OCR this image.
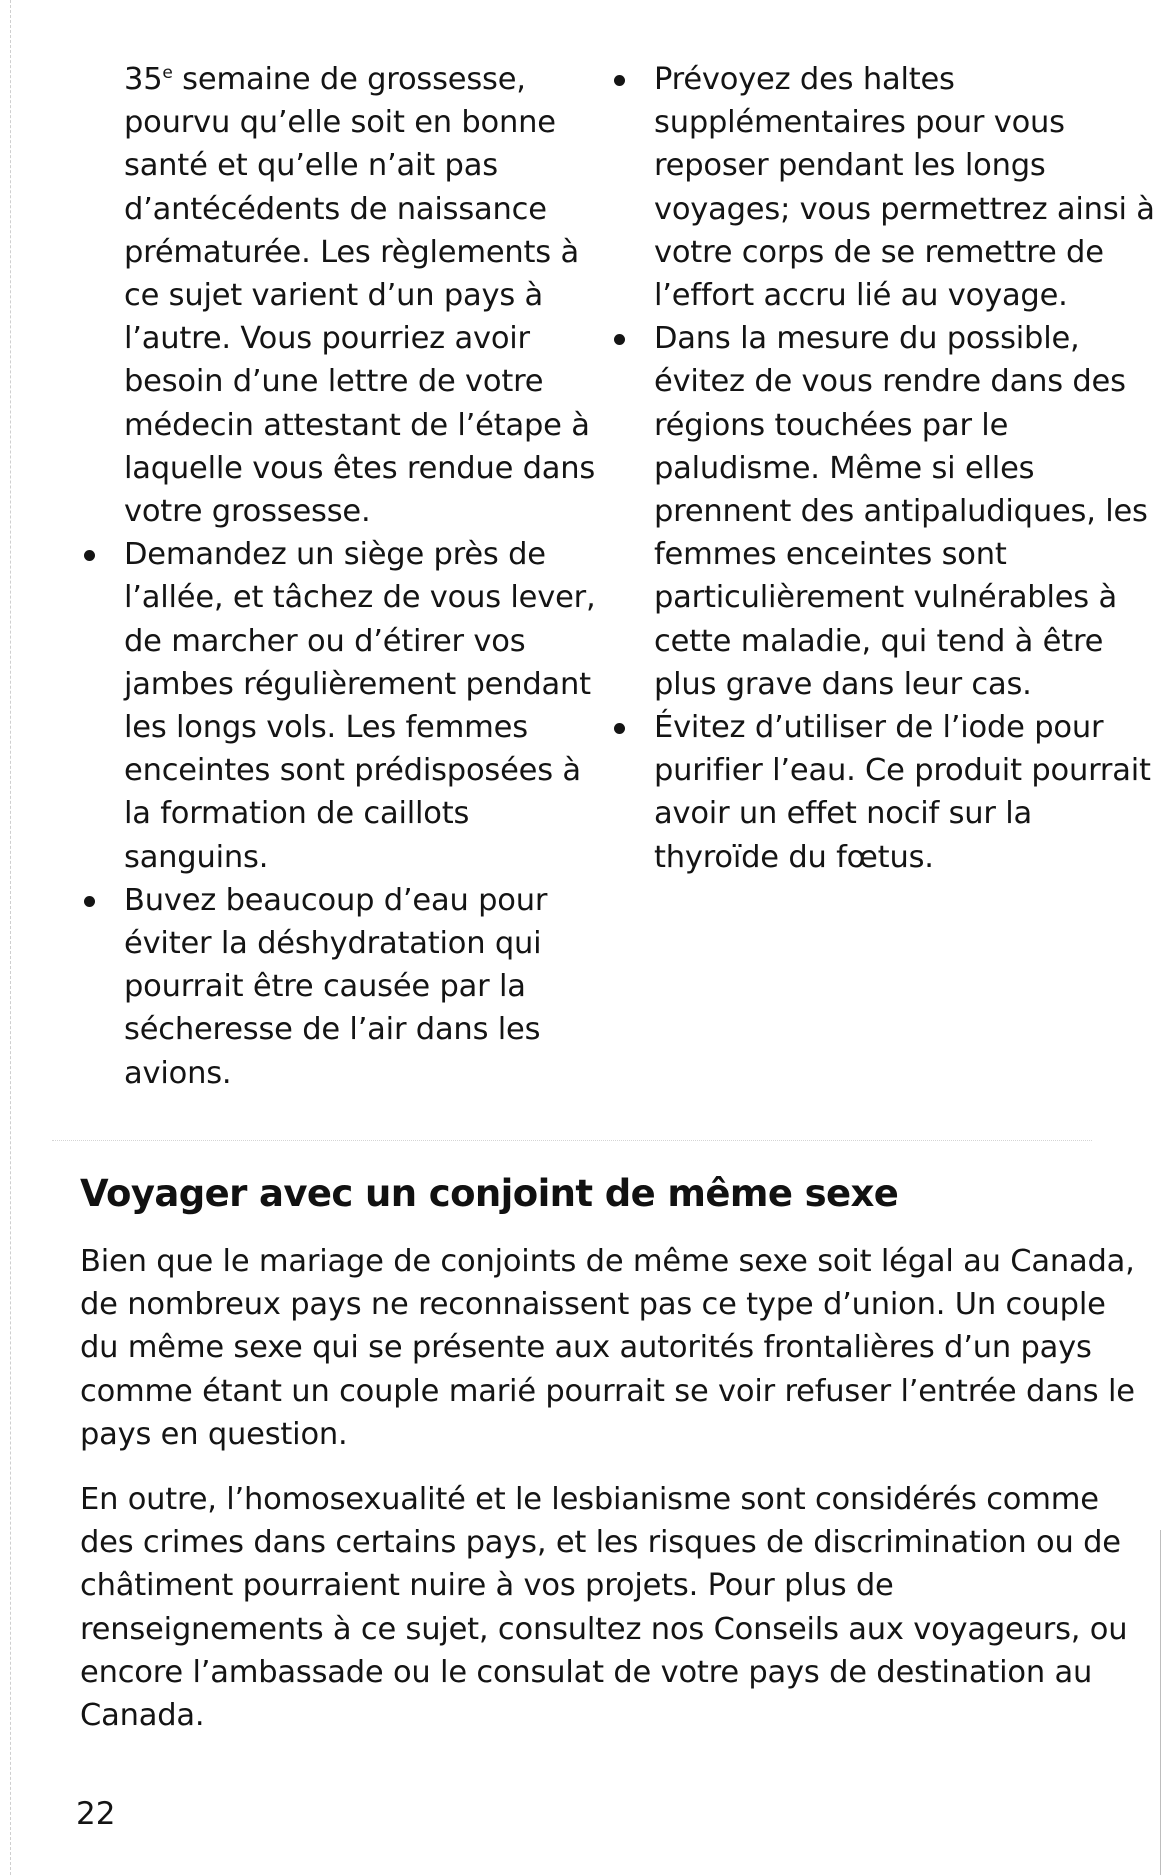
35e semaine de grossesse, pourvu qu’elle soit en bonne santé et qu’elle n’ait pas d’antécédents de naissance prématurée. Les règlements à ce sujet varient d’un pays à l’autre. Vous pourriez avoir besoin d’une lettre de votre médecin attestant de l’étape à laquelle vous êtes rendue dans votre grossesse.

Demandez un siège près de l’allée, et tâchez de vous lever, de marcher ou d’étirer vos jambes régulièrement pendant les longs vols. Les femmes enceintes sont prédisposées à la formation de caillots sanguins.
Buvez beaucoup d’eau pour éviter la déshydratation qui pourrait être causée par la sécheresse de l’air dans les avions.
Prévoyez des haltes supplémentaires pour vous reposer pendant les longs voyages; vous permettrez ainsi à votre corps de se remettre de l’effort accru lié au voyage.
Dans la mesure du possible, évitez de vous rendre dans des régions touchées par le paludisme. Même si elles prennent des antipaludiques, les femmes enceintes sont particulièrement vulnérables à cette maladie, qui tend à être plus grave dans leur cas.
Évitez d’utiliser de l’iode pour purifier l’eau. Ce produit pourrait avoir un effet nocif sur la thyroïde du fœtus.
Voyager avec un conjoint de même sexe

Bien que le mariage de conjoints de même sexe soit légal au Canada, de nombreux pays ne reconnaissent pas ce type d’union. Un couple du même sexe qui se présente aux autorités frontalières d’un pays comme étant un couple marié pourrait se voir refuser l’entrée dans le pays en question.

En outre, l’homosexualité et le lesbianisme sont considérés comme des crimes dans certains pays, et les risques de discrimination ou de châtiment pourraient nuire à vos projets. Pour plus de renseignements à ce sujet, consultez nos Conseils aux voyageurs, ou encore l’ambassade ou le consulat de votre pays de destination au Canada.

22
